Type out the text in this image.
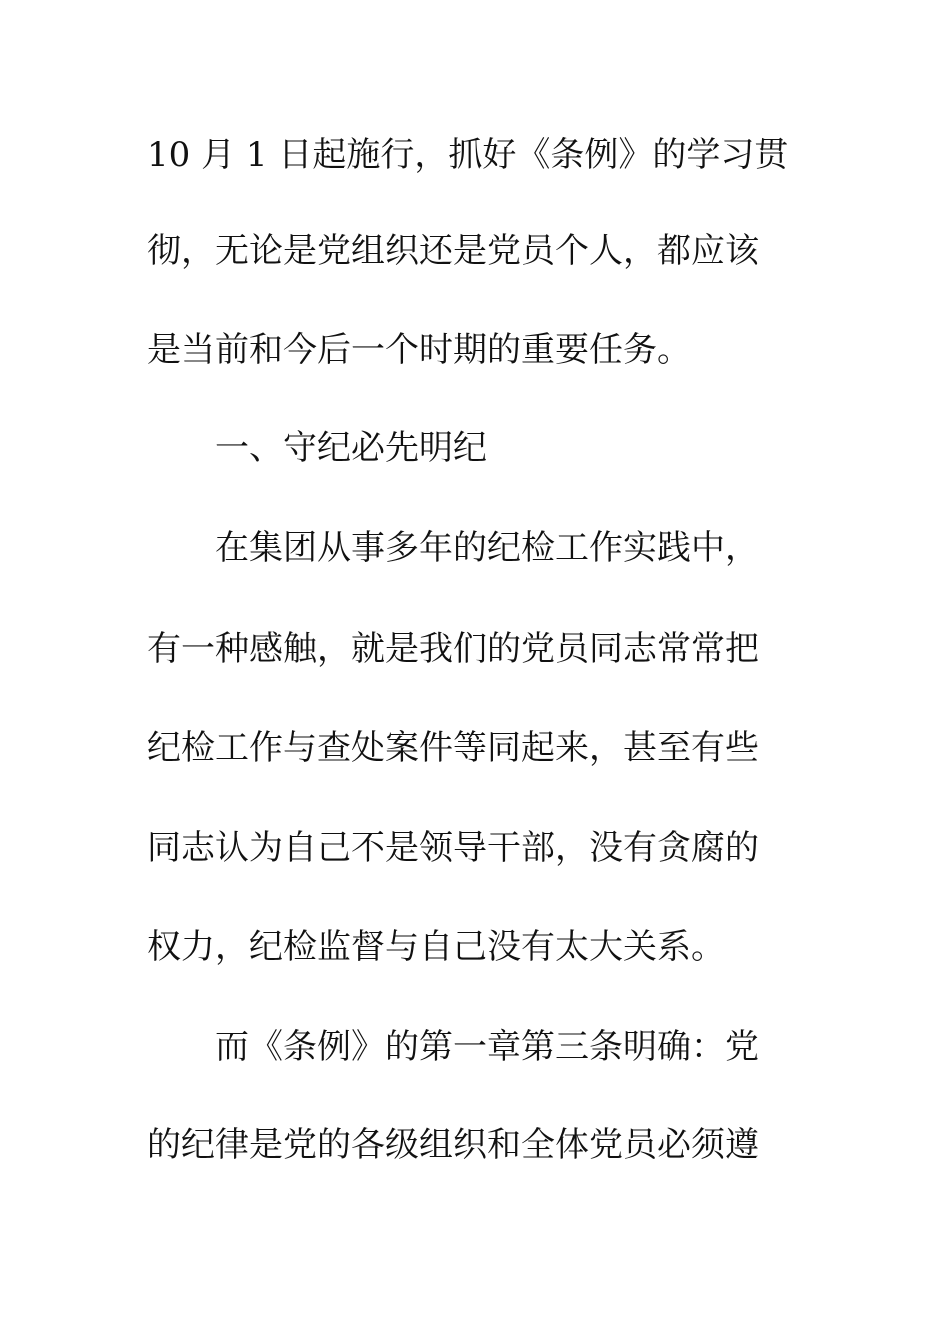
10 月 1 日起施行，抓好《条例》的学习贯
彻，无论是党组织还是党员个人，都应该
是当前和今后一个时期的重要任务。
一、守纪必先明纪
在集团从事多年的纪检工作实践中，
有一种感触，就是我们的党员同志常常把
纪检工作与查处案件等同起来，甚至有些
同志认为自己不是领导干部，没有贪腐的
权力，纪检监督与自己没有太大关系。
而《条例》的第一章第三条明确：党
的纪律是党的各级组织和全体党员必须遵
